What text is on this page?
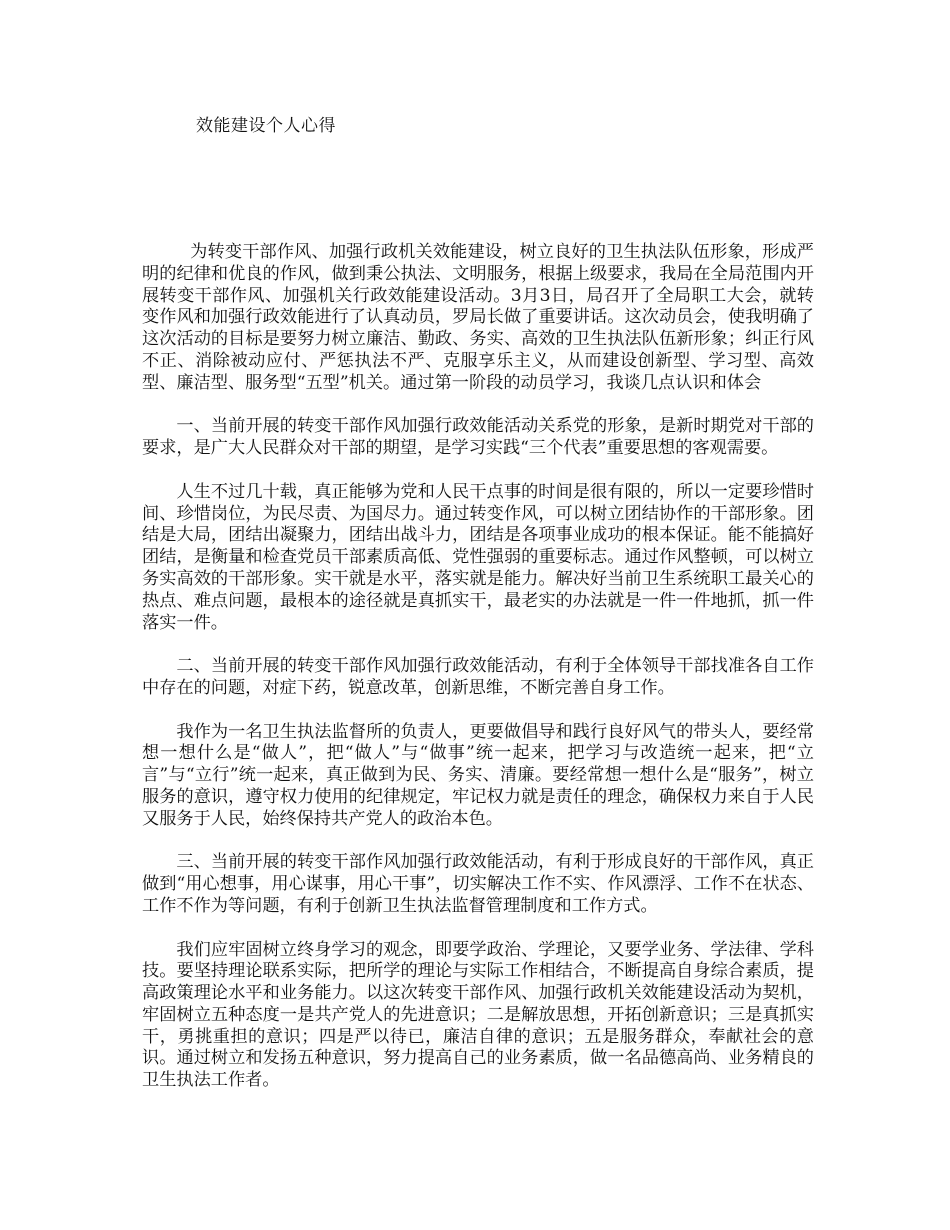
效能建设个人心得

为转变干部作风、加强行政机关效能建设，树立良好的卫生执法队伍形象，形成严明的纪律和优良的作风，做到秉公执法、文明服务，根据上级要求，我局在全局范围内开展转变干部作风、加强机关行政效能建设活动。3月3日，局召开了全局职工大会，就转变作风和加强行政效能进行了认真动员，罗局长做了重要讲话。这次动员会，使我明确了这次活动的目标是要努力树立廉洁、勤政、务实、高效的卫生执法队伍新形象；纠正行风不正、消除被动应付、严惩执法不严、克服享乐主义，从而建设创新型、学习型、高效型、廉洁型、服务型“五型”机关。通过第一阶段的动员学习，我谈几点认识和体会

一、当前开展的转变干部作风加强行政效能活动关系党的形象，是新时期党对干部的要求，是广大人民群众对干部的期望，是学习实践“三个代表”重要思想的客观需要。

人生不过几十载，真正能够为党和人民干点事的时间是很有限的，所以一定要珍惜时间、珍惜岗位，为民尽责、为国尽力。通过转变作风，可以树立团结协作的干部形象。团结是大局，团结出凝聚力，团结出战斗力，团结是各项事业成功的根本保证。能不能搞好团结，是衡量和检查党员干部素质高低、党性强弱的重要标志。通过作风整顿，可以树立务实高效的干部形象。实干就是水平，落实就是能力。解决好当前卫生系统职工最关心的热点、难点问题，最根本的途径就是真抓实干，最老实的办法就是一件一件地抓，抓一件落实一件。

二、当前开展的转变干部作风加强行政效能活动，有利于全体领导干部找准各自工作中存在的问题，对症下药，锐意改革，创新思维，不断完善自身工作。

我作为一名卫生执法监督所的负责人，更要做倡导和践行良好风气的带头人，要经常想一想什么是“做人”，把“做人”与“做事”统一起来，把学习与改造统一起来，把“立言”与“立行”统一起来，真正做到为民、务实、清廉。要经常想一想什么是“服务”，树立服务的意识，遵守权力使用的纪律规定，牢记权力就是责任的理念，确保权力来自于人民又服务于人民，始终保持共产党人的政治本色。

三、当前开展的转变干部作风加强行政效能活动，有利于形成良好的干部作风，真正做到“用心想事，用心谋事，用心干事”，切实解决工作不实、作风漂浮、工作不在状态、工作不作为等问题，有利于创新卫生执法监督管理制度和工作方式。

我们应牢固树立终身学习的观念，即要学政治、学理论，又要学业务、学法律、学科技。要坚持理论联系实际，把所学的理论与实际工作相结合，不断提高自身综合素质，提高政策理论水平和业务能力。以这次转变干部作风、加强行政机关效能建设活动为契机，牢固树立五种态度一是共产党人的先进意识；二是解放思想，开拓创新意识；三是真抓实干，勇挑重担的意识；四是严以待已，廉洁自律的意识；五是服务群众，奉献社会的意识。通过树立和发扬五种意识，努力提高自己的业务素质，做一名品德高尚、业务精良的卫生执法工作者。
